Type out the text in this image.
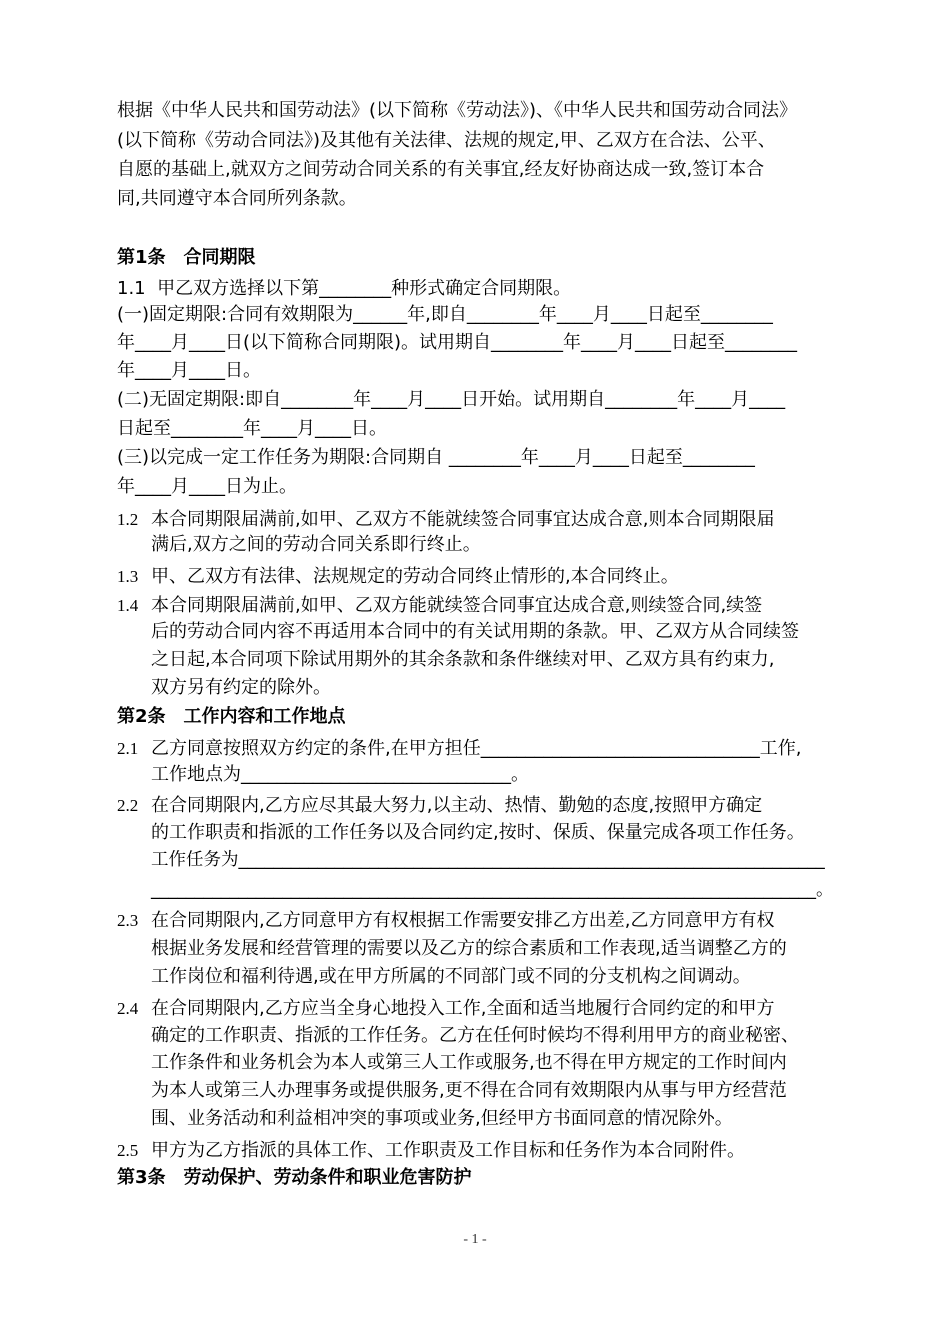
根据《中华人民共和国劳动法》(以下简称《劳动法》)、《中华人民共和国劳动合同法》
(以下简称《劳动合同法》)及其他有关法律、法规的规定,甲、乙双方在合法、公平、
自愿的基础上,就双方之间劳动合同关系的有关事宜,经友好协商达成一致,签订本合
同,共同遵守本合同所列条款。
第1条　合同期限
1.1  甲乙双方选择以下第________种形式确定合同期限。
(一)固定期限:合同有效期限为______年,即自________年____月____日起至________
年____月____日(以下简称合同期限)。试用期自________年____月____日起至________
年____月____日。
(二)无固定期限:即自________年____月____日开始。试用期自________年____月____
日起至________年____月____日。
(三)以完成一定工作任务为期限:合同期自 ________年____月____日起至________
年____月____日为止。
1.2 本合同期限届满前,如甲、乙双方不能就续签合同事宜达成合意,则本合同期限届
满后,双方之间的劳动合同关系即行终止。
1.3 甲、乙双方有法律、法规规定的劳动合同终止情形的,本合同终止。
1.4 本合同期限届满前,如甲、乙双方能就续签合同事宜达成合意,则续签合同,续签
后的劳动合同内容不再适用本合同中的有关试用期的条款。甲、乙双方从合同续签
之日起,本合同项下除试用期外的其余条款和条件继续对甲、乙双方具有约束力,
双方另有约定的除外。
第2条　工作内容和工作地点
2.1 乙方同意按照双方约定的条件,在甲方担任_______________________________工作,
工作地点为______________________________。
2.2 在合同期限内,乙方应尽其最大努力,以主动、热情、勤勉的态度,按照甲方确定
的工作职责和指派的工作任务以及合同约定,按时、保质、保量完成各项工作任务。
工作任务为___________________________________________________________________
____________________________________________________________________________。
2.3 在合同期限内,乙方同意甲方有权根据工作需要安排乙方出差,乙方同意甲方有权
根据业务发展和经营管理的需要以及乙方的综合素质和工作表现,适当调整乙方的
工作岗位和福利待遇,或在甲方所属的不同部门或不同的分支机构之间调动。
2.4 在合同期限内,乙方应当全身心地投入工作,全面和适当地履行合同约定的和甲方
确定的工作职责、指派的工作任务。乙方在任何时候均不得利用甲方的商业秘密、
工作条件和业务机会为本人或第三人工作或服务,也不得在甲方规定的工作时间内
为本人或第三人办理事务或提供服务,更不得在合同有效期限内从事与甲方经营范
围、业务活动和利益相冲突的事项或业务,但经甲方书面同意的情况除外。
2.5 甲方为乙方指派的具体工作、工作职责及工作目标和任务作为本合同附件。
第3条　劳动保护、劳动条件和职业危害防护
- 1 -
